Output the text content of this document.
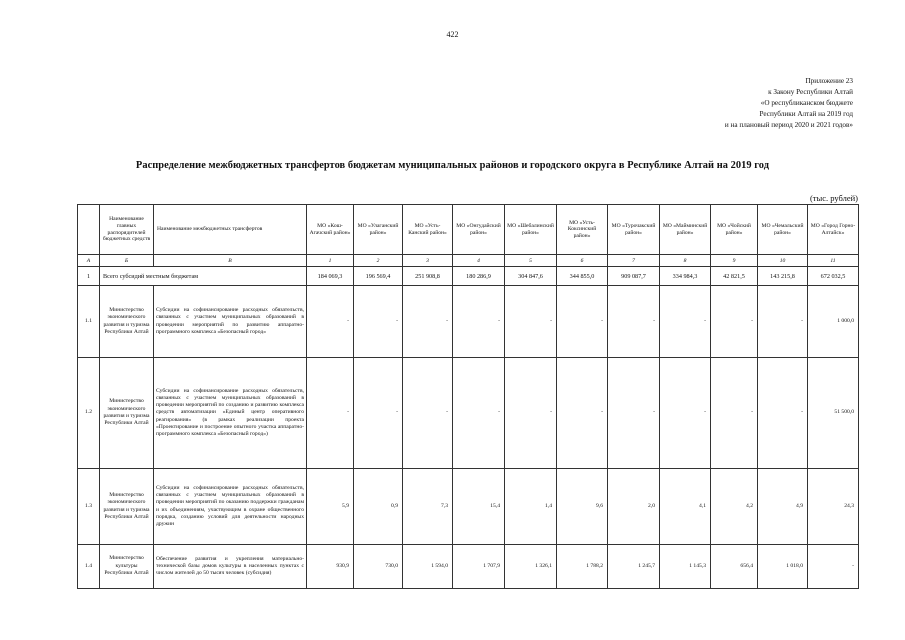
422
Приложение 23
к Закону Республики Алтай
«О республиканском бюджете
Республики Алтай на 2019 год
и на плановый период 2020 и 2021 годов»
Распределение межбюджетных трансфертов бюджетам муниципальных районов и городского округа в Республике Алтай на 2019 год
(тыс. рублей)
	Наименование главных распорядителей бюджетных средств	Наименование межбюджетных трансфертов	МО «Кош-Агачский район»	МО «Улаганский район»	МО «Усть-Канский район»	МО «Онгудайский район»	МО «Шебалинский район»	МО «Усть-Коксинский район»	МО «Турочакский район»	МО «Майминский район»	МО «Чойский район»	МО «Чемальский район»	МО «Город Горно-Алтайск»
А	Б	В	1	2	3	4	5	6	7	8	9	10	11
1	Всего субсидий местным бюджетам		184 069,3	196 569,4	251 908,8	180 286,9	304 847,6	344 855,0	909 087,7	334 984,3	42 821,5	143 215,8	672 032,5
1.1	Министерство экономического развития и туризма Республики Алтай	Субсидии на софинансирование расходных обязательств, связанных с участием муниципальных образований в проведении мероприятий по развитию аппаратно-программного комплекса «Безопасный город»	-	-	-	-	-	-	-	-	-	-	1 000,0
1.2	Министерство экономического развития и туризма Республики Алтай	Субсидии на софинансирование расходных обязательств, связанных с участием муниципальных образований в проведении мероприятий по созданию и развитию комплекса средств автоматизации «Единый центр оперативного реагирования» (в рамках реализации проекта «Проектирование и построение опытного участка аппаратно-программного комплекса «Безопасный город»)	-	-	-	-	-	-	-	-	-	-	51 500,0
1.3	Министерство экономического развития и туризма Республики Алтай	Субсидии на софинансирование расходных обязательств, связанных с участием муниципальных образований в проведении мероприятий по оказанию поддержки гражданам и их объединениям, участвующим в охране общественного порядка, созданию условий для деятельности народных дружин	5,9	0,9	7,3	15,4	1,4	9,6	2,0	4,1	4,2	4,9	24,3
1.4	Министерство культуры Республики Алтай	Обеспечение развития и укрепления материально-технической базы домов культуры в населенных пунктах с числом жителей до 50 тысяч человек (субсидия)	930,9	730,0	1 594,0	1 707,9	1 326,1	1 788,2	1 245,7	1 145,3	656,4	1 018,0	-
